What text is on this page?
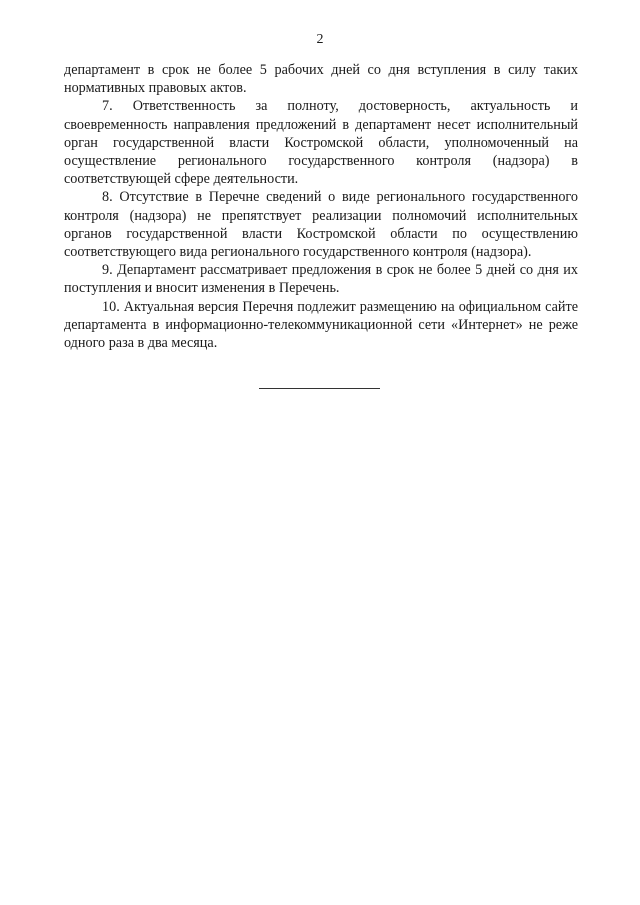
2

департамент в срок не более 5 рабочих дней со дня вступления в силу таких нормативных правовых актов.

7. Ответственность за полноту, достоверность, актуальность и своевременность направления предложений в департамент несет исполнительный орган государственной власти Костромской области, уполномоченный на осуществление регионального государственного контроля (надзора) в соответствующей сфере деятельности.

8. Отсутствие в Перечне сведений о виде регионального государственного контроля (надзора) не препятствует реализации полномочий исполнительных органов государственной власти Костромской области по осуществлению соответствующего вида регионального государственного контроля (надзора).

9. Департамент рассматривает предложения в срок не более 5 дней со дня их поступления и вносит изменения в Перечень.

10. Актуальная версия Перечня подлежит размещению на официальном сайте департамента в информационно-телекоммуникационной сети «Интернет» не реже одного раза в два месяца.
